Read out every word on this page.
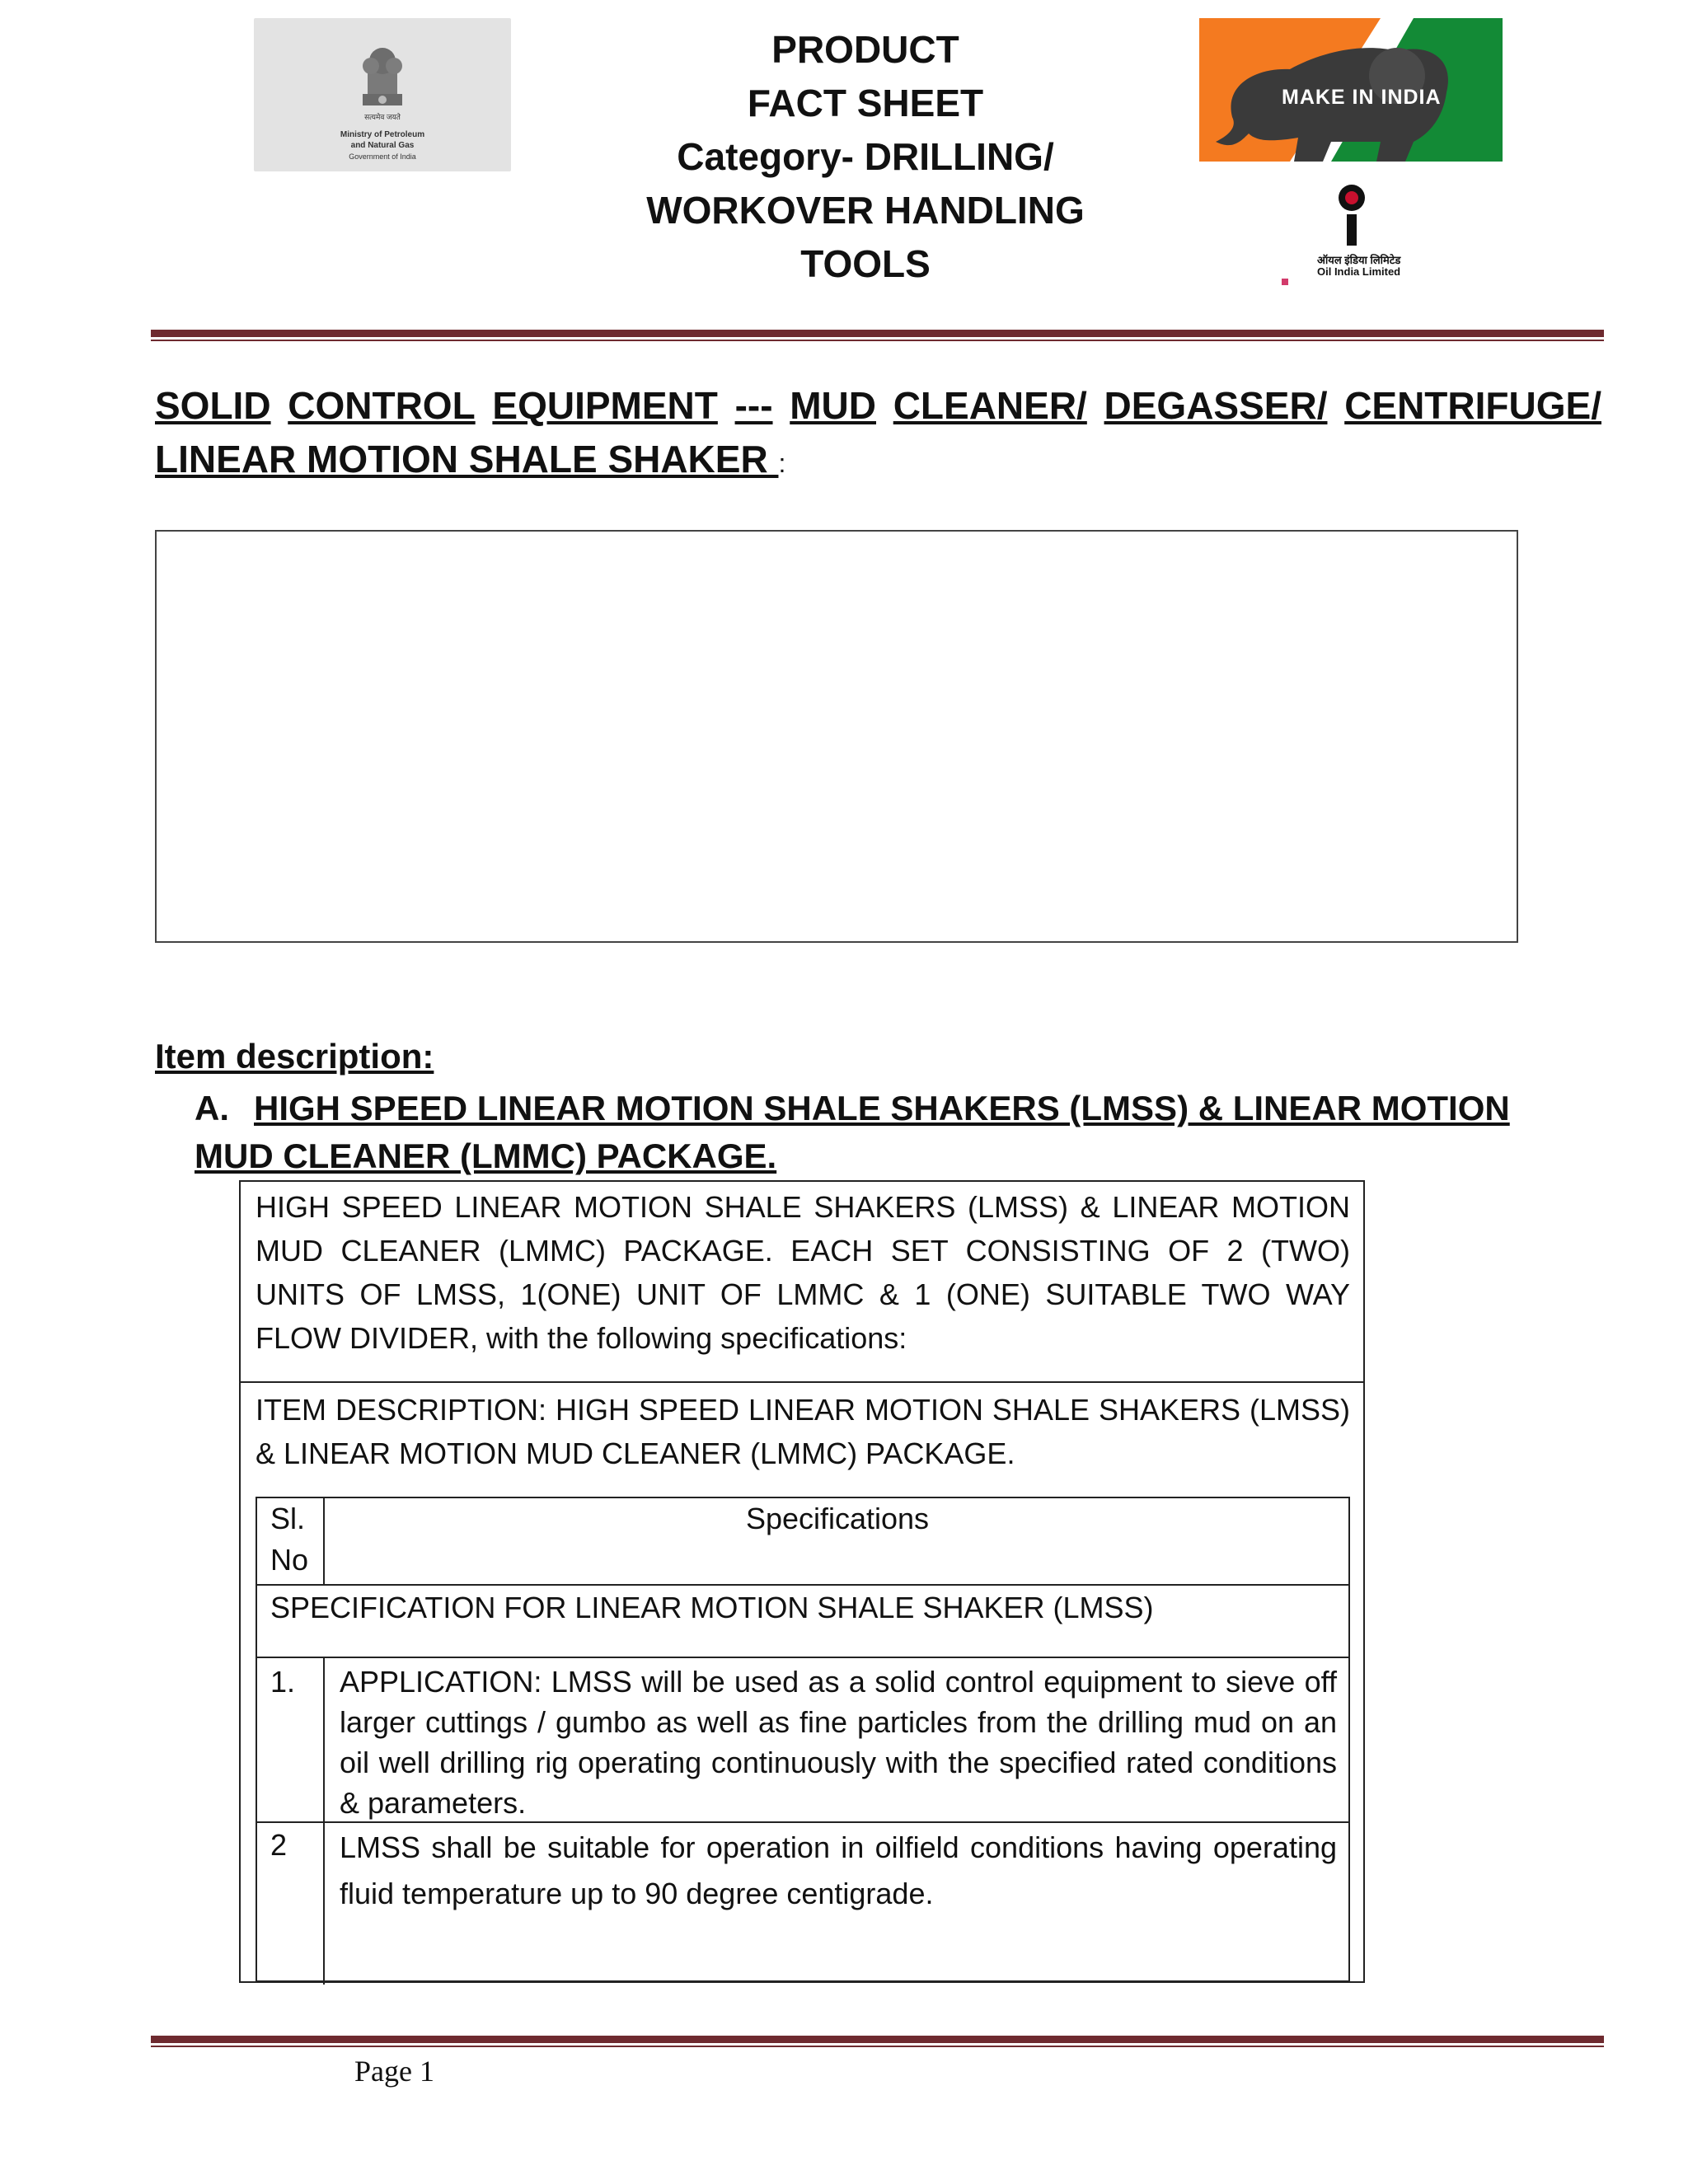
सत्यमेव जयते
Ministry of Petroleum
and Natural Gas
Government of India
PRODUCT
FACT SHEET
Category- DRILLING/
WORKOVER HANDLING
TOOLS
MAKE IN INDIA
ऑयल इंडिया लिमिटेड
Oil India Limited
SOLID CONTROL EQUIPMENT --- MUD CLEANER/ DEGASSER/ CENTRIFUGE/
LINEAR MOTION SHALE SHAKER :
Item description:
A. HIGH SPEED LINEAR MOTION SHALE SHAKERS (LMSS) & LINEAR MOTION MUD CLEANER (LMMC) PACKAGE.
HIGH SPEED LINEAR MOTION SHALE SHAKERS (LMSS) & LINEAR MOTION MUD CLEANER (LMMC) PACKAGE. EACH SET CONSISTING OF 2 (TWO) UNITS OF LMSS, 1(ONE) UNIT OF LMMC & 1 (ONE) SUITABLE TWO WAY FLOW DIVIDER, with the following specifications:
ITEM DESCRIPTION: HIGH SPEED LINEAR MOTION SHALE SHAKERS (LMSS) & LINEAR MOTION MUD CLEANER (LMMC) PACKAGE.
Sl. No
Specifications
SPECIFICATION FOR LINEAR MOTION SHALE SHAKER (LMSS)
1.	APPLICATION: LMSS will be used as a solid control equipment to sieve off larger cuttings / gumbo as well as fine particles from the drilling mud on an oil well drilling rig operating continuously with the specified rated conditions & parameters.
2	LMSS shall be suitable for operation in oilfield conditions having operating fluid temperature up to 90 degree centigrade.
Page 1
